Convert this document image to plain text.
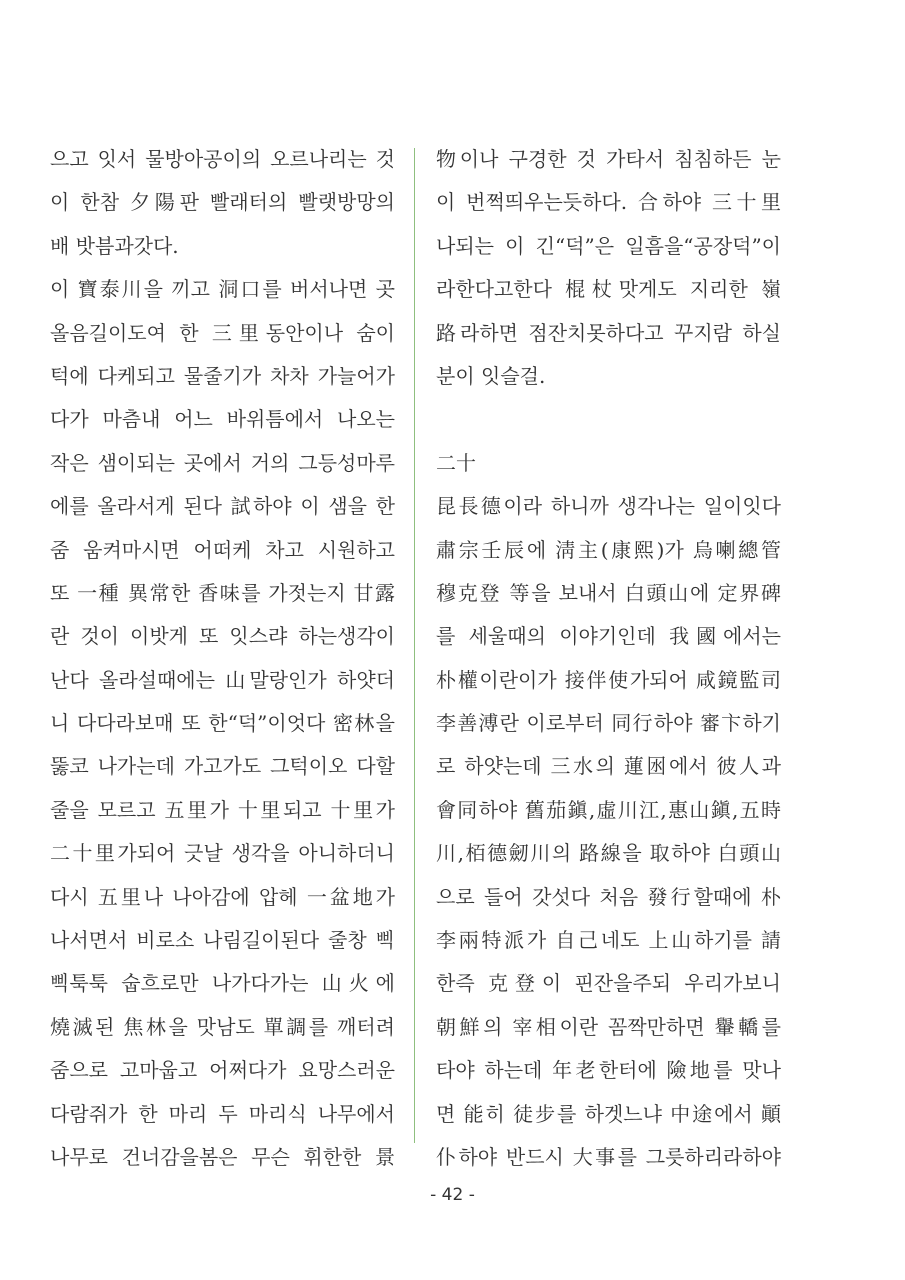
으고 잇서 물방아공이의 오르나리는 것
이 한참 夕陽판 빨래터의 빨랫방망의
배 밧븜과갓다.
이 寶泰川을 끼고 洞口를 버서나면 곳
올음길이도여 한 三里동안이나 숨이
턱에 다케되고 물줄기가 차차 가늘어가
다가 마츰내 어느 바위틈에서 나오는
작은 샘이되는 곳에서 거의 그등성마루
에를 올라서게 된다 試하야 이 샘을 한
줌 움켜마시면 어떠케 차고 시원하고
또 一種 異常한 香味를 가젓는지 甘露
란 것이 이밧게 또 잇스랴 하는생각이
난다 올라설때에는 山말랑인가 하얏더
니 다다라보매 또 한“덕”이엇다 密林을
뚫코 나가는데 가고가도 그턱이오 다할
줄을 모르고 五里가 十里되고 十里가
二十里가되어 긋날 생각을 아니하더니
다시 五里나 나아감에 압헤 一盆地가
나서면서 비로소 나림길이된다 줄창 삑
삑툭툭 숩흐로만 나가다가는 山火에
燒滅된 焦林을 맛남도 單調를 깨터려
줌으로 고마웁고 어쩌다가 요망스러운
다람쥐가 한 마리 두 마리식 나무에서
나무로 건너감을봄은 무슨 휘한한 景
物이나 구경한 것 가타서 침침하든 눈
이 번쩍띄우는듯하다. 合하야 三十里
나되는 이 긴“덕”은 일흠을“공장덕”이
라한다고한다 棍杖맛게도 지리한 嶺
路라하면 점잔치못하다고 꾸지람 하실
분이 잇슬걸.
二十
昆長德이라 하니까 생각나는 일이잇다
肅宗壬辰에 淸主(康熙)가 烏喇總管
穆克登 等을 보내서 白頭山에 定界碑
를 세울때의 이야기인데 我國에서는
朴權이란이가 接伴使가되어 咸鏡監司
李善溥란 이로부터 同行하야 審卞하기
로 하얏는데 三水의 蓮囦에서 彼人과
會同하야 舊茄鎭,虛川江,惠山鎭,五時
川,栢德劒川의 路線을 取하야 白頭山
으로 들어 갓섯다 처음 發行할때에 朴
李兩特派가 自己네도 上山하기를 請
한즉 克登이 핀잔을주되 우리가보니
朝鮮의 宰相이란 꼼짝만하면 轝轎를
타야 하는데 年老한터에 險地를 맛나
면 能히 徒步를 하겟느냐 中途에서 顚
仆하야 반드시 大事를 그릇하리라하야
- 42 -
